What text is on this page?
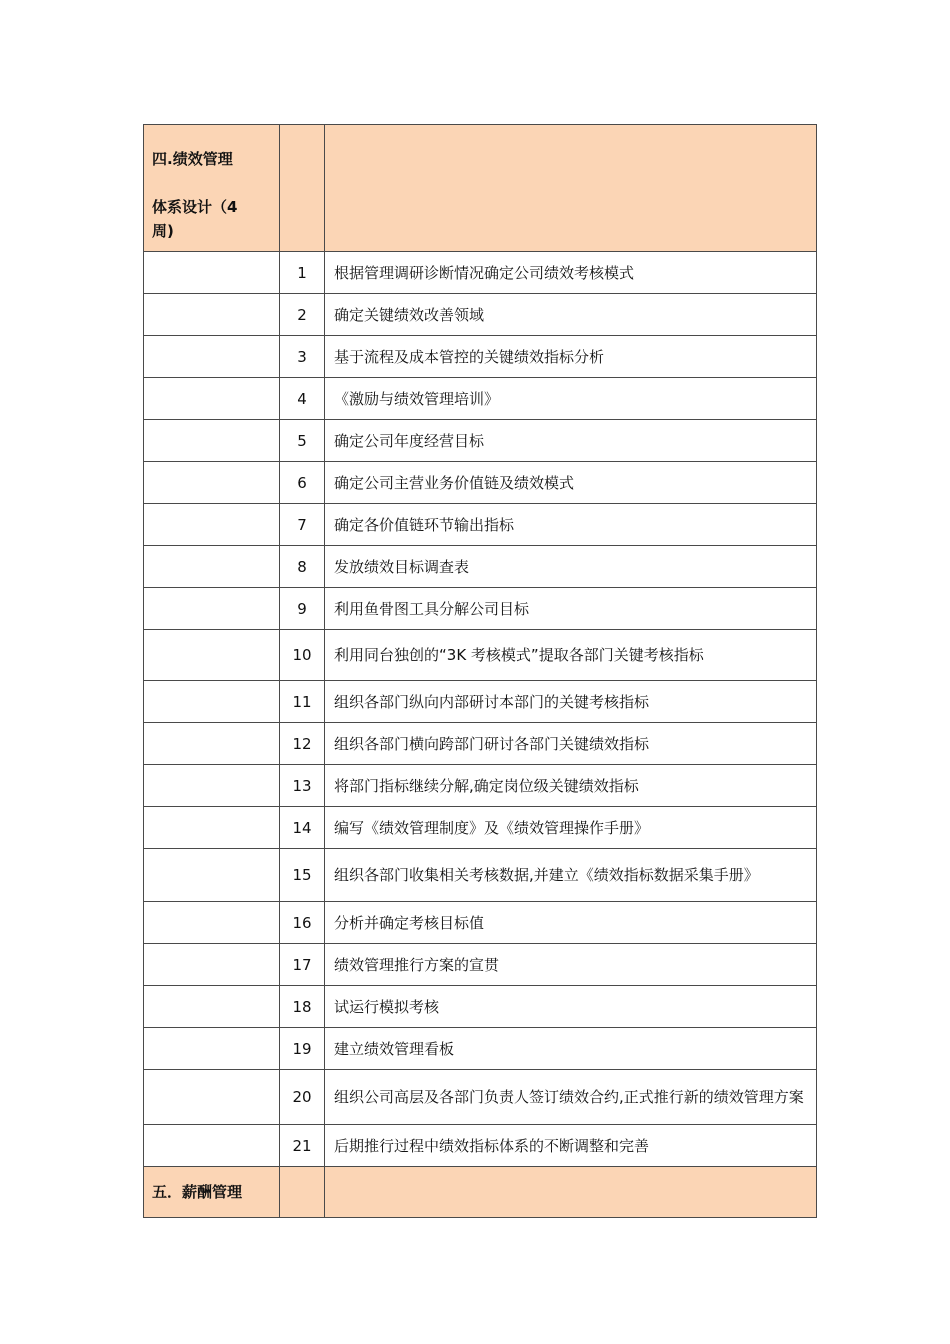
四.绩效管理
体系设计（4
周)		

	1	根据管理调研诊断情况确定公司绩效考核模式
	2	确定关键绩效改善领域
	3	基于流程及成本管控的关键绩效指标分析
	4	《激励与绩效管理培训》
	5	确定公司年度经营目标
	6	确定公司主营业务价值链及绩效模式
	7	确定各价值链环节输出指标
	8	发放绩效目标调查表
	9	利用鱼骨图工具分解公司目标
	10	利用同台独创的“3K 考核模式”提取各部门关键考核指标
	11	组织各部门纵向内部研讨本部门的关键考核指标
	12	组织各部门横向跨部门研讨各部门关键绩效指标
	13	将部门指标继续分解,确定岗位级关键绩效指标
	14	编写《绩效管理制度》及《绩效管理操作手册》
	15	组织各部门收集相关考核数据,并建立《绩效指标数据采集手册》
	16	分析并确定考核目标值
	17	绩效管理推行方案的宣贯
	18	试运行模拟考核
	19	建立绩效管理看板
	20	组织公司高层及各部门负责人签订绩效合约,正式推行新的绩效管理方案
	21	后期推行过程中绩效指标体系的不断调整和完善
五．薪酬管理		
